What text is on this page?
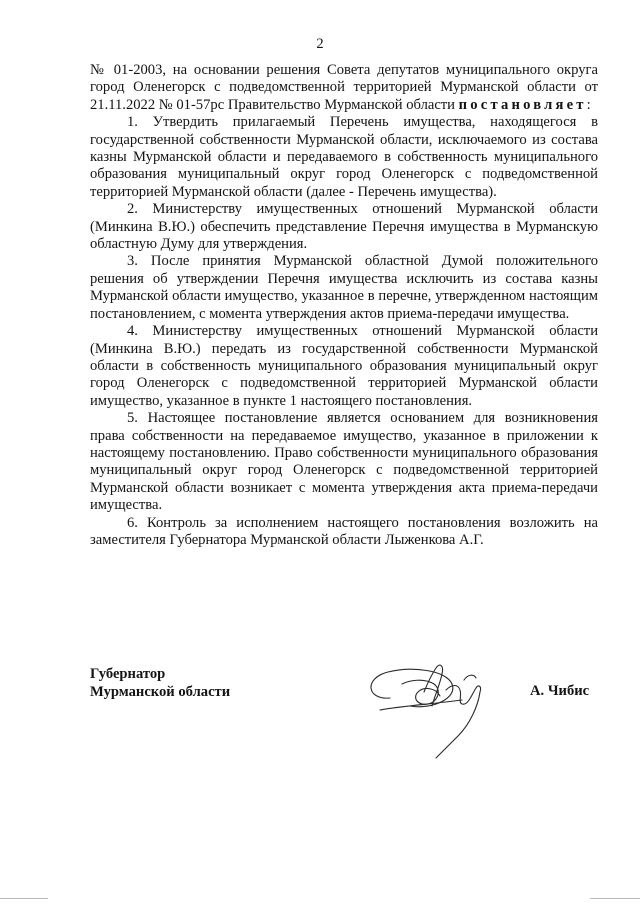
2

№ 01-2003, на основании решения Совета депутатов муниципального округа город Оленегорск с подведомственной территорией Мурманской области от 21.11.2022 № 01-57рс Правительство Мурманской области постановляет:

1. Утвердить прилагаемый Перечень имущества, находящегося в государственной собственности Мурманской области, исключаемого из состава казны Мурманской области и передаваемого в собственность муниципального образования муниципальный округ город Оленегорск с подведомственной территорией Мурманской области (далее - Перечень имущества).

2. Министерству имущественных отношений Мурманской области (Минкина В.Ю.) обеспечить представление Перечня имущества в Мурманскую областную Думу для утверждения.

3. После принятия Мурманской областной Думой положительного решения об утверждении Перечня имущества исключить из состава казны Мурманской области имущество, указанное в перечне, утвержденном настоящим постановлением, с момента утверждения актов приема-передачи имущества.

4. Министерству имущественных отношений Мурманской области (Минкина В.Ю.) передать из государственной собственности Мурманской области в собственность муниципального образования муниципальный округ город Оленегорск с подведомственной территорией Мурманской области имущество, указанное в пункте 1 настоящего постановления.

5. Настоящее постановление является основанием для возникновения права собственности на передаваемое имущество, указанное в приложении к настоящему постановлению. Право собственности муниципального образования муниципальный округ город Оленегорск с подведомственной территорией Мурманской области возникает с момента утверждения акта приема-передачи имущества.

6. Контроль за исполнением настоящего постановления возложить на заместителя Губернатора Мурманской области Лыженкова А.Г.

Губернатор
Мурманской области	А. Чибис
